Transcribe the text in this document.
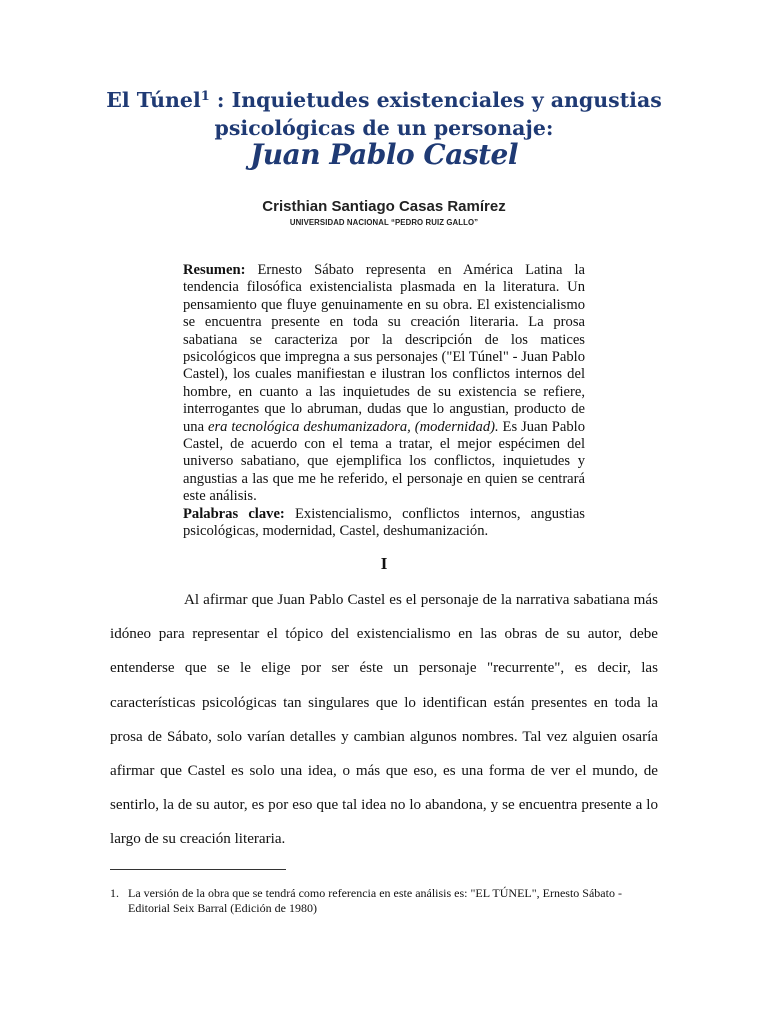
El Túnel$^1$ : Inquietudes existenciales y angustias psicológicas de un personaje:
Juan Pablo Castel
Cristhian Santiago Casas Ramírez
UNIVERSIDAD NACIONAL “PEDRO RUIZ GALLO”

Resumen: Ernesto Sábato representa en América Latina la tendencia filosófica existencialista plasmada en la literatura. Un pensamiento que fluye genuinamente en su obra. El existencialismo se encuentra presente en toda su creación literaria. La prosa sabatiana se caracteriza por la descripción de los matices psicológicos que impregna a sus personajes ("El Túnel" - Juan Pablo Castel), los cuales manifiestan e ilustran los conflictos internos del hombre, en cuanto a las inquietudes de su existencia se refiere, interrogantes que lo abruman, dudas que lo angustian, producto de una era tecnológica deshumanizadora, (modernidad). Es Juan Pablo Castel, de acuerdo con el tema a tratar, el mejor espécimen del universo sabatiano, que ejemplifica los conflictos, inquietudes y angustias a las que me he referido, el personaje en quien se centrará este análisis.

Palabras clave: Existencialismo, conflictos internos, angustias psicológicas, modernidad, Castel, deshumanización.

I

Al afirmar que Juan Pablo Castel es el personaje de la narrativa sabatiana más idóneo para representar el tópico del existencialismo en las obras de su autor, debe entenderse que se le elige por ser éste un personaje "recurrente", es decir, las características psicológicas tan singulares que lo identifican están presentes en toda la prosa de Sábato, solo varían detalles y cambian algunos nombres. Tal vez alguien osaría afirmar que Castel es solo una idea, o más que eso, es una forma de ver el mundo, de sentirlo, la de su autor, es por eso que tal idea no lo abandona, y se encuentra presente a lo largo de su creación literaria.

1. La versión de la obra que se tendrá como referencia en este análisis es: "EL TÚNEL", Ernesto Sábato - Editorial Seix Barral (Edición de 1980)
